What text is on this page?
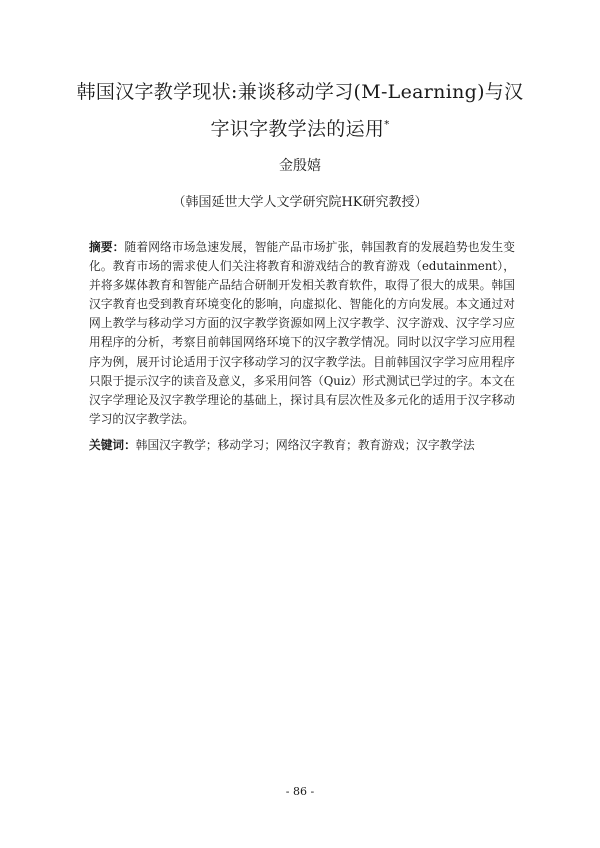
韩国汉字教学现状:兼谈移动学习(M-Learning)与汉
字识字教学法的运用*
金殷嬉
（韩国延世大学人文学研究院HK研究教授）

摘要：随着网络市场急速发展，智能产品市场扩张，韩国教育的发展趋势也发生变化。教育市场的需求使人们关注将教育和游戏结合的教育游戏（edutainment），并将多媒体教育和智能产品结合研制开发相关教育软件，取得了很大的成果。韩国汉字教育也受到教育环境变化的影响，向虚拟化、智能化的方向发展。本文通过对网上教学与移动学习方面的汉字教学资源如网上汉字教学、汉字游戏、汉字学习应用程序的分析，考察目前韩国网络环境下的汉字教学情况。同时以汉字学习应用程序为例，展开讨论适用于汉字移动学习的汉字教学法。目前韩国汉字学习应用程序只限于提示汉字的读音及意义，多采用问答（Quiz）形式测试已学过的字。本文在汉字学理论及汉字教学理论的基础上，探讨具有层次性及多元化的适用于汉字移动学习的汉字教学法。

关键词：韩国汉字教学；移动学习；网络汉字教育；教育游戏；汉字教学法

- 86 -
